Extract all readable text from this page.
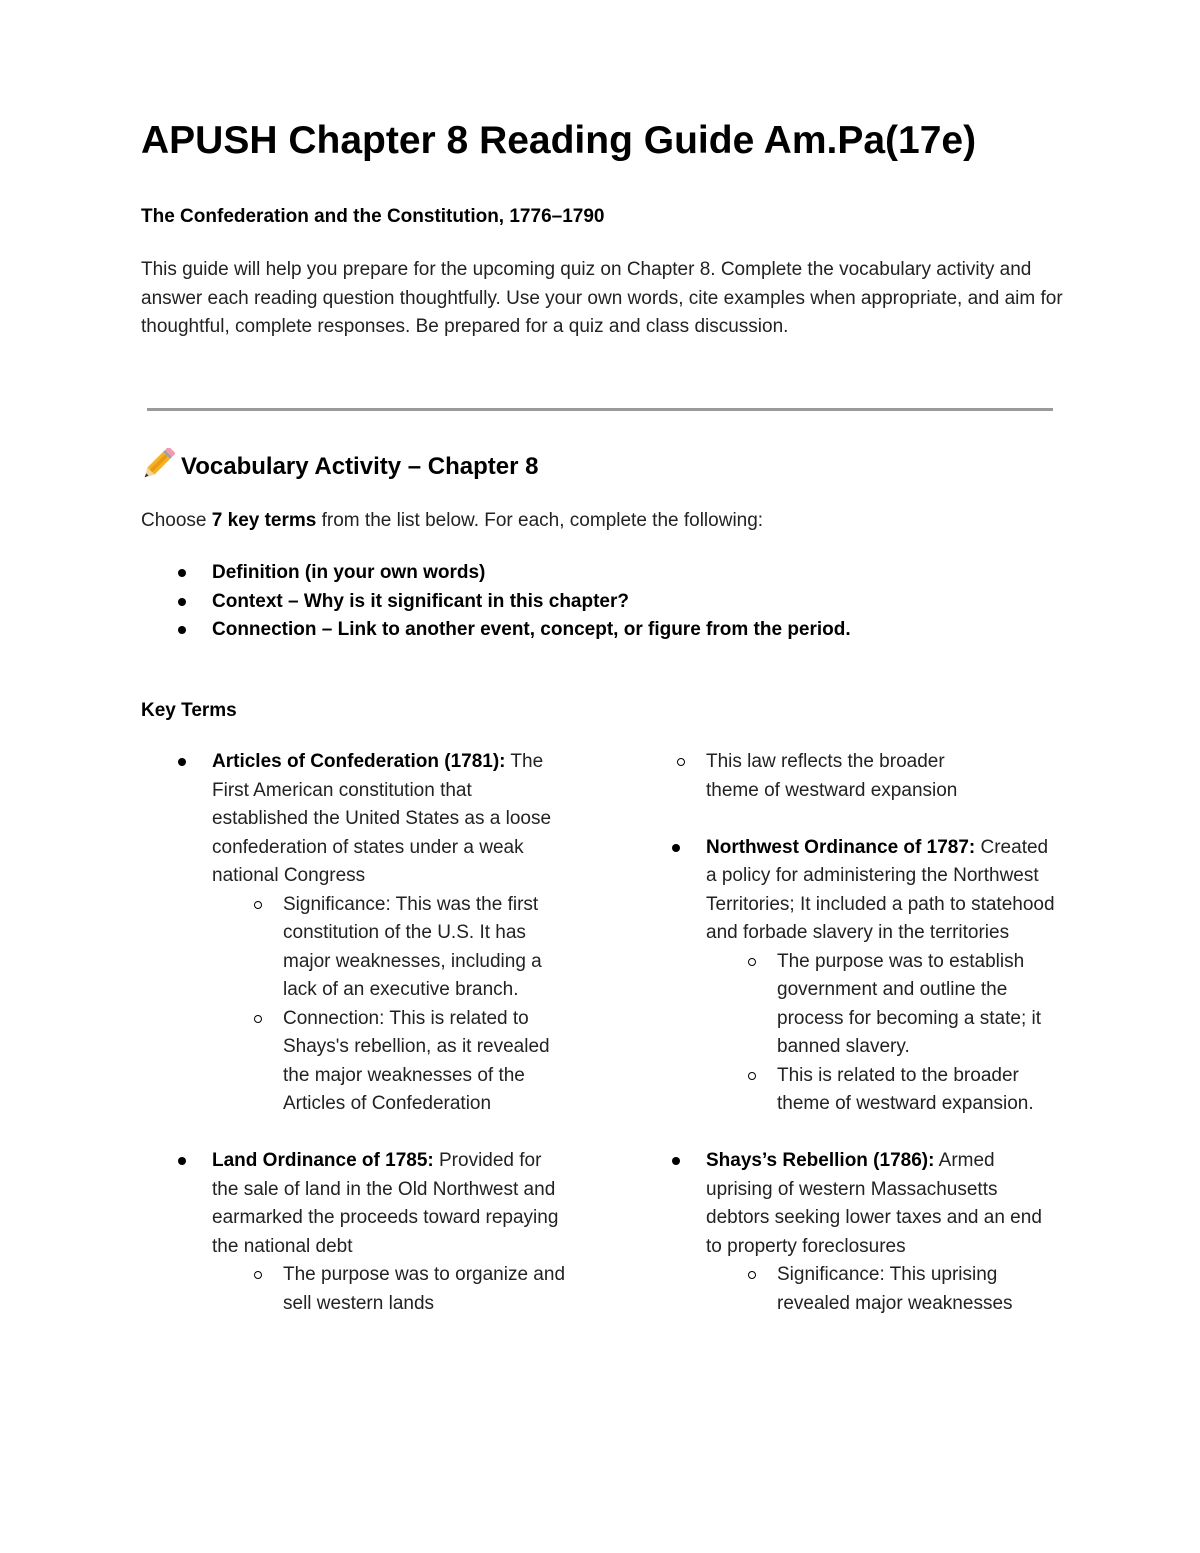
APUSH Chapter 8 Reading Guide Am.Pa(17e)

The Confederation and the Constitution, 1776–1790

This guide will help you prepare for the upcoming quiz on Chapter 8. Complete the vocabulary activity and answer each reading question thoughtfully. Use your own words, cite examples when appropriate, and aim for thoughtful, complete responses. Be prepared for a quiz and class discussion.

Vocabulary Activity – Chapter 8

Choose 7 key terms from the list below. For each, complete the following:

Definition (in your own words)
Context – Why is it significant in this chapter?
Connection – Link to another event, concept, or figure from the period.

Key Terms

Articles of Confederation (1781): The First American constitution that established the United States as a loose confederation of states under a weak national Congress

Significance: This was the first constitution of the U.S. It has major weaknesses, including a lack of an executive branch.

Connection: This is related to Shays's rebellion, as it revealed the major weaknesses of the Articles of Confederation

Land Ordinance of 1785: Provided for the sale of land in the Old Northwest and earmarked the proceeds toward repaying the national debt

The purpose was to organize and sell western lands

This law reflects the broader theme of westward expansion

Northwest Ordinance of 1787: Created a policy for administering the Northwest Territories; It included a path to statehood and forbade slavery in the territories

The purpose was to establish government and outline the process for becoming a state; it banned slavery.

This is related to the broader theme of westward expansion.

Shays’s Rebellion (1786): Armed uprising of western Massachusetts debtors seeking lower taxes and an end to property foreclosures

Significance: This uprising revealed major weaknesses
